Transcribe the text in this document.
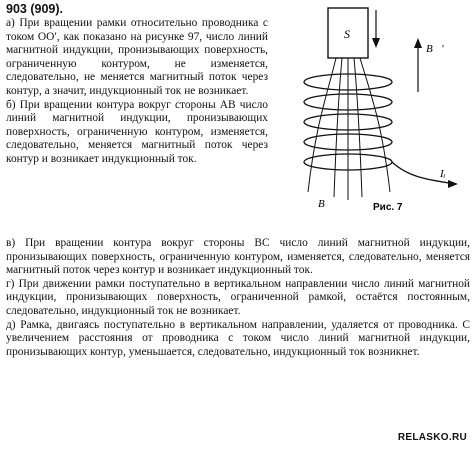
903 (909).

а) При вращении рамки относительно проводника с током OO′, как показано на рисунке 97, число линий магнитной индукции, пронизывающих поверхность, ограниченную контуром, не изменяется, следовательно, не меняется магнитный поток через контур, а значит, индукционный ток не возникает.

б) При вращении контура вокруг стороны AB число линий магнитной индукции, пронизывающих поверхность, ограниченную контуром, изменяется, следовательно, меняется магнитный поток через контур и возникает индукционный ток.

S
B⃗′
Iᵢ
B⃗	Рис. 7

в) При вращении контура вокруг стороны BC число линий магнитной индукции, пронизывающих поверхность, ограниченную контуром, изменяется, следовательно, меняется магнитный поток через контур и возникает индукционный ток.

г) При движении рамки поступательно в вертикальном направлении число линий магнитной индукции, пронизывающих поверхность, ограниченной рамкой, остаётся постоянным, следовательно, индукционный ток не возникает.

д) Рамка, двигаясь поступательно в вертикальном направлении, удаляется от проводника. С увеличением расстояния от проводника с током число линий магнитной индукции, пронизывающих контур, уменьшается, следовательно, индукционный ток возникнет.

RELASKO.RU
